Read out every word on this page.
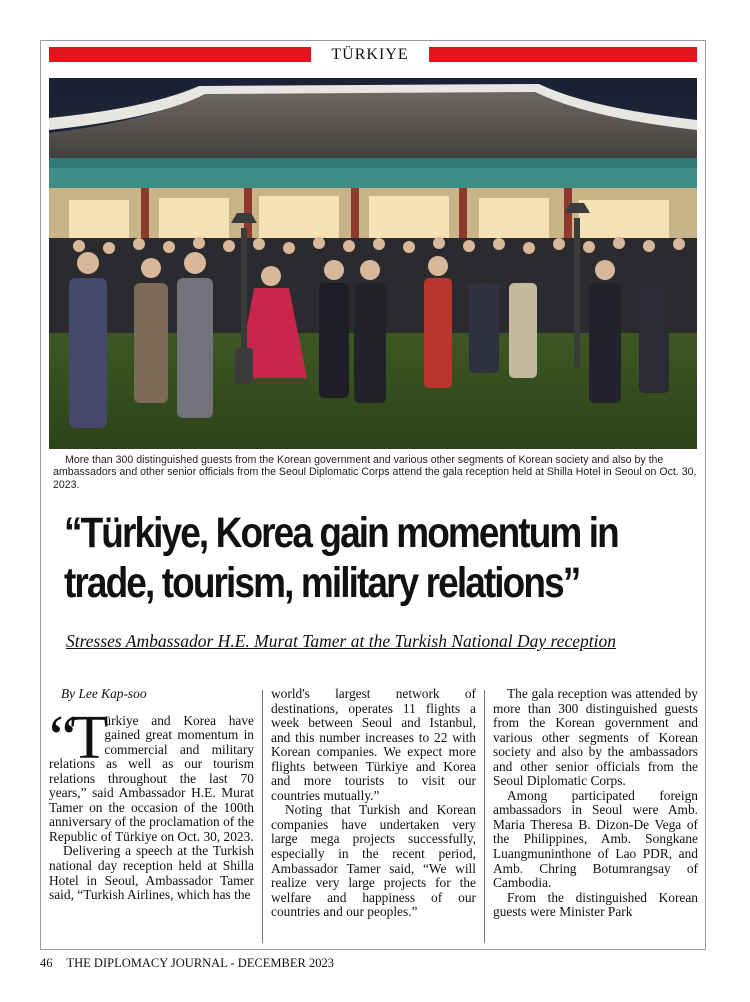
TÜRKIYE
More than 300 distinguished guests from the Korean government and various other segments of Korean society and also by the ambassadors and other senior officials from the Seoul Diplomatic Corps attend the gala reception held at Shilla Hotel in Seoul on Oct. 30, 2023.
“Türkiye, Korea gain momentum in
trade, tourism, military relations”
Stresses Ambassador H.E. Murat Tamer at the Turkish National Day reception
By Lee Kap-soo

“Türkiye and Korea have gained great momentum in commercial and military relations as well as our tourism relations throughout the last 70 years,” said Ambassador H.E. Murat Tamer on the occasion of the 100th anniversary of the proclamation of the Republic of Türkiye on Oct. 30, 2023.

Delivering a speech at the Turkish national day reception held at Shilla Hotel in Seoul, Ambassador Tamer said, “Turkish Airlines, which has the

world's largest network of destinations, operates 11 flights a week between Seoul and Istanbul, and this number increases to 22 with Korean companies. We expect more flights between Türkiye and Korea and more tourists to visit our countries mutually.”

Noting that Turkish and Korean companies have undertaken very large mega projects successfully, especially in the recent period, Ambassador Tamer said, “We will realize very large projects for the welfare and happiness of our countries and our peoples.”

The gala reception was attended by more than 300 distinguished guests from the Korean government and various other segments of Korean society and also by the ambassadors and other senior officials from the Seoul Diplomatic Corps.

Among participated foreign ambassadors in Seoul were Amb. Maria Theresa B. Dizon-De Vega of the Philippines, Amb. Songkane Luangmuninthone of Lao PDR, and Amb. Chring Botumrangsay of Cambodia.

From the distinguished Korean guests were Minister Park

46 THE DIPLOMACY JOURNAL - DECEMBER 2023
